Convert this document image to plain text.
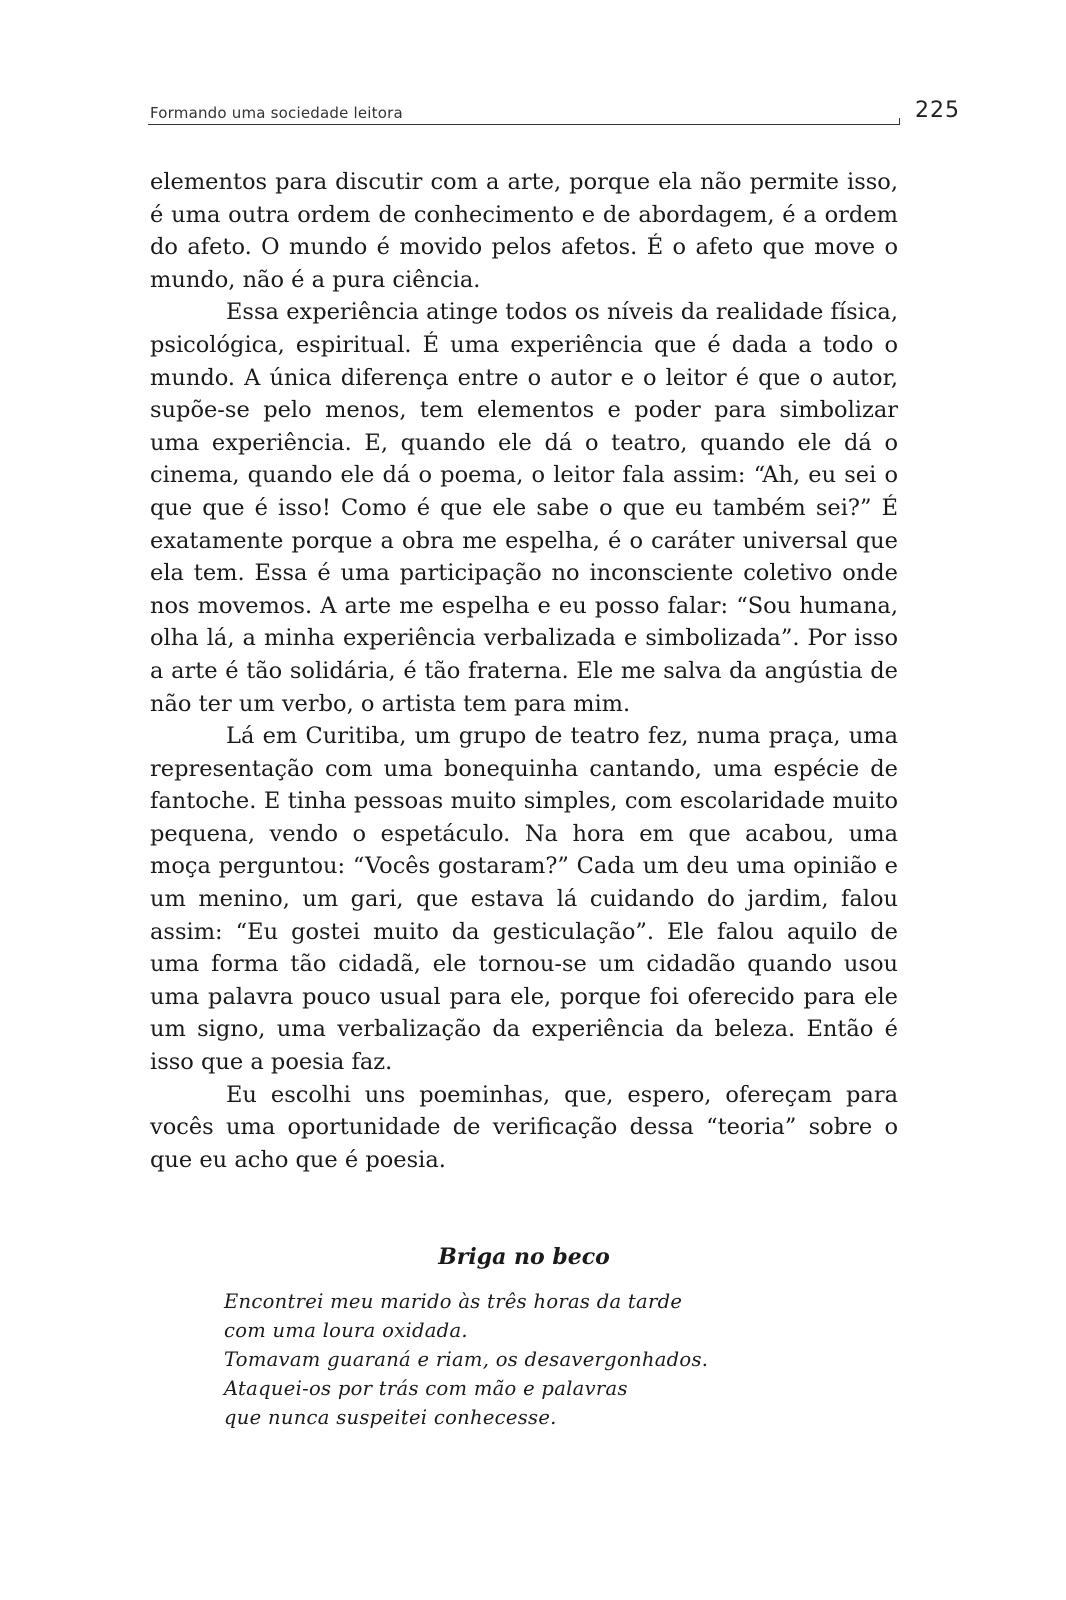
Formando uma sociedade leitora	225

elementos para discutir com a arte, porque ela não permite isso, é uma outra ordem de conhecimento e de abordagem, é a ordem do afeto. O mundo é movido pelos afetos. É o afeto que move o mundo, não é a pura ciência.

Essa experiência atinge todos os níveis da realidade física, psicológica, espiritual. É uma experiência que é dada a todo o mundo. A única diferença entre o autor e o leitor é que o autor, supõe-se pelo menos, tem elementos e poder para simbolizar uma experiência. E, quando ele dá o teatro, quando ele dá o cinema, quando ele dá o poema, o leitor fala assim: “Ah, eu sei o que que é isso! Como é que ele sabe o que eu também sei?” É exatamente porque a obra me espelha, é o caráter universal que ela tem. Essa é uma participação no inconsciente coletivo onde nos movemos. A arte me espelha e eu posso falar: “Sou humana, olha lá, a minha experiência verbalizada e simbolizada”. Por isso a arte é tão solidária, é tão fraterna. Ele me salva da angústia de não ter um verbo, o artista tem para mim.

Lá em Curitiba, um grupo de teatro fez, numa praça, uma representação com uma bonequinha cantando, uma espécie de fantoche. E tinha pessoas muito simples, com escolaridade muito pequena, vendo o espetáculo. Na hora em que acabou, uma moça perguntou: “Vocês gostaram?” Cada um deu uma opinião e um menino, um gari, que estava lá cuidando do jardim, falou assim: “Eu gostei muito da gesticulação”. Ele falou aquilo de uma forma tão cidadã, ele tornou-se um cidadão quando usou uma palavra pouco usual para ele, porque foi oferecido para ele um signo, uma verbalização da experiência da beleza. Então é isso que a poesia faz.

Eu escolhi uns poeminhas, que, espero, ofereçam para vocês uma oportunidade de verificação dessa “teoria” sobre o que eu acho que é poesia.

Briga no beco
Encontrei meu marido às três horas da tarde
com uma loura oxidada.
Tomavam guaraná e riam, os desavergonhados.
Ataquei-os por trás com mão e palavras
que nunca suspeitei conhecesse.
